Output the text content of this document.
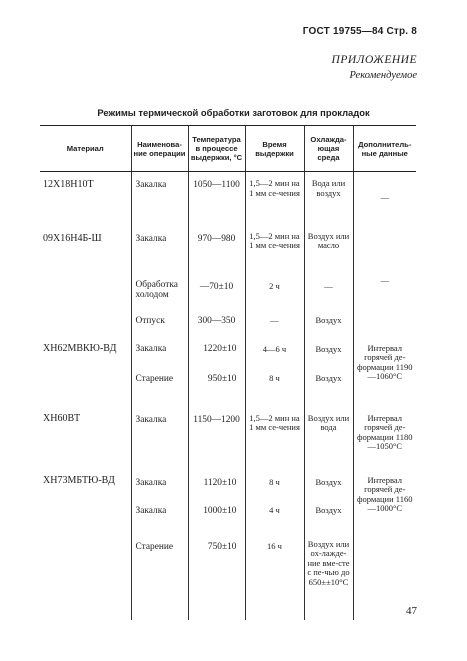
ГОСТ 19755—84 Стр. 8
ПРИЛОЖЕНИЕ
Рекомендуемое
Режимы термической обработки заготовок для прокладок
Материал	Наименова-ние операции	Температура в процессе выдержки, °С	Время выдержки	Охлажда-ющая среда	Дополнитель-ные данные
12Х18Н10Т	Закалка	1050—1100	1,5—2 мин на 1 мм се-чения	Вода или воздух	—
09Х16Н4Б-Ш	Закалка	970—980	1,5—2 мин на 1 мм се-чения	Воздух или масло	—
	Обработка холодом	—70±10	2 ч	—	
	Отпуск	300—350	—	Воздух	
ХН62МВКЮ-ВД	Закалка	1220±10	4—6 ч	Воздух	Интервал горячей де-формации 1190—1060°С
	Старение	950±10	8 ч	Воздух	
ХН60ВТ	Закалка	1150—1200	1,5—2 мин на 1 мм се-чения	Воздух или вода	Интервал горячей де-формации 1180—1050°С
ХН73МБТЮ-ВД	Закалка	1120±10	8 ч	Воздух	Интервал горячей де-формации 1160—1000°С
	Закалка	1000±10	4 ч	Воздух	
	Старение	750±10	16 ч	Воздух или ох-лажде-ние вме-сте с пе-чью до 650±±10°С	
47
